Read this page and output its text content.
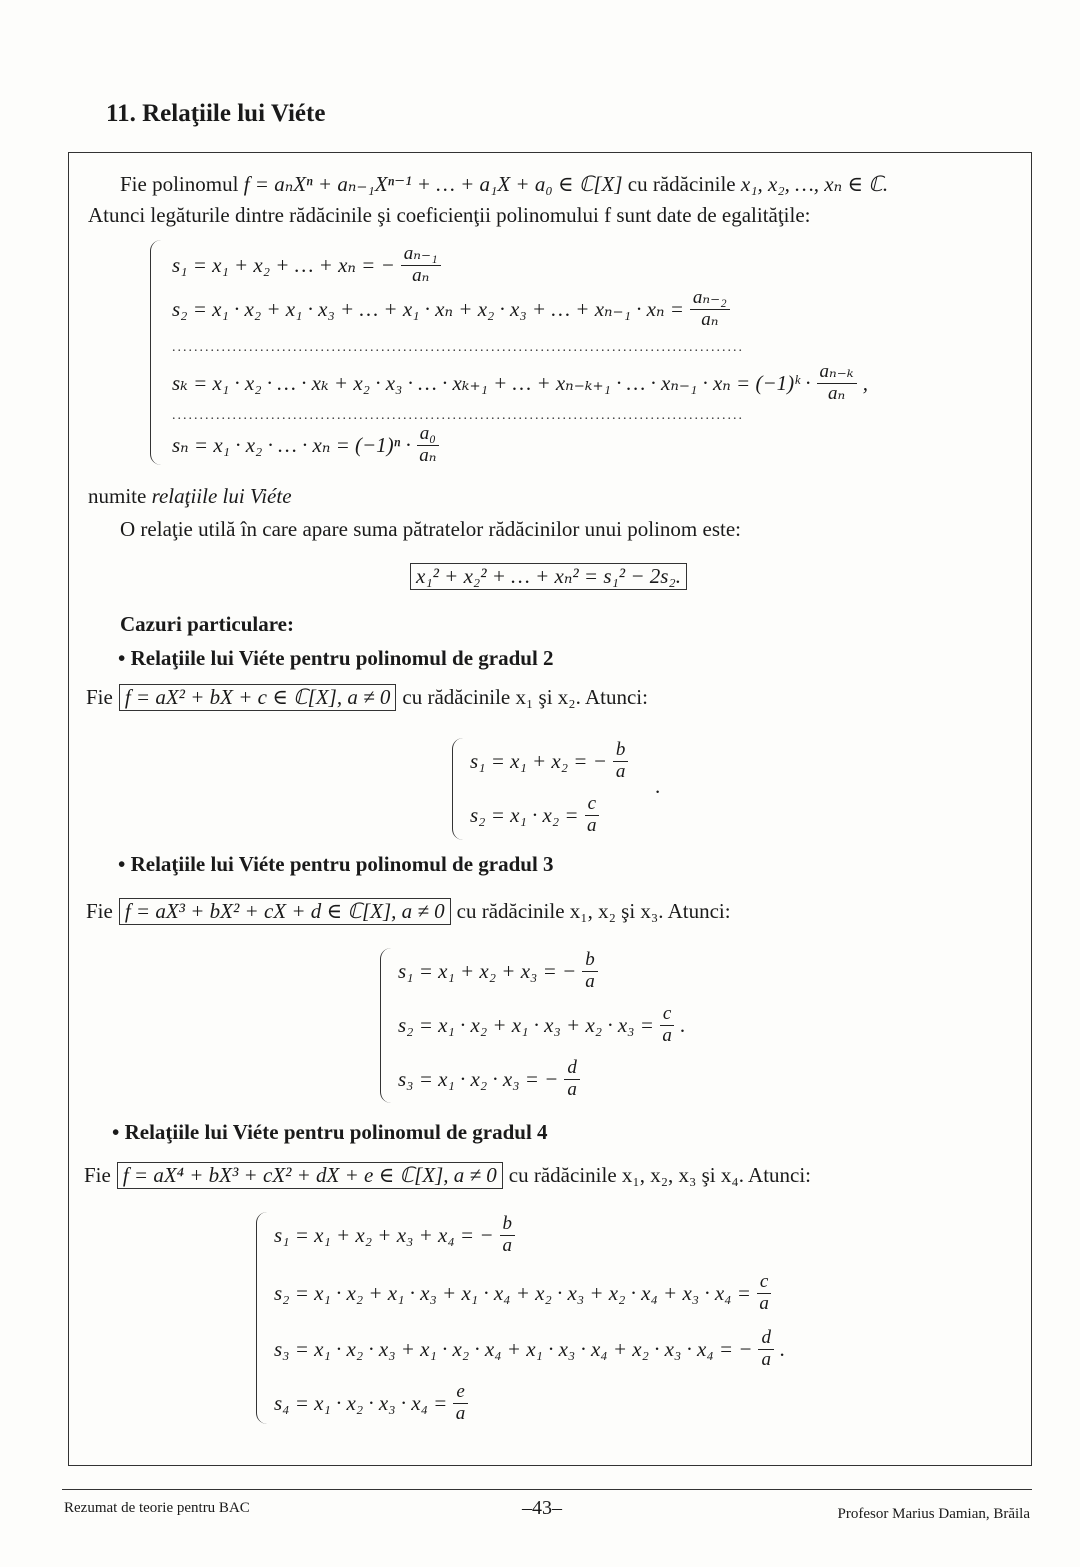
11. Relaţiile lui Viéte
Fie polinomul f = aₙXⁿ + aₙ₋₁Xⁿ⁻¹ + … + a₁X + a₀ ∈ ℂ[X] cu rădăcinile x₁, x₂, …, xₙ ∈ ℂ.
Atunci legăturile dintre rădăcinile şi coeficienţii polinomului f sunt date de egalităţile:
s₁ = x₁ + x₂ + … + xₙ = − $\frac{\text{aₙ₋₁}}{\text{aₙ}}$
s₂ = x₁ · x₂ + x₁ · x₃ + … + x₁ · xₙ + x₂ · x₃ + … + $x_{n-1} \cdot x_n = \frac{\text{aₙ₋₂}}{\text{aₙ}}$
........................................................................................................
sₖ = x₁ · x₂ · … · xₖ + x₂ · x₃ · … · xₖ₊₁ + … + xₙ₋ₖ₊₁ · … · xₙ₋₁ · xₙ = (−1)ᵏ · $\frac{\text{aₙ₋ₖ}}{\text{aₙ}}$ ,
........................................................................................................
sₙ = x₁ · x₂ · … · $x_n = (-1)^n \cdot \frac{\text{a₀}}{\text{aₙ}}$
numite relaţiile lui Viéte
O relaţie utilă în care apare suma pătratelor rădăcinilor unui polinom este:
x₁² + x₂² + … + xₙ² = s₁² − 2s₂.
Cazuri particulare:
• Relaţiile lui Viéte pentru polinomul de gradul 2
Fie f = aX² + bX + c ∈ ℂ[X], a ≠ 0 cu rădăcinile x₁ şi x₂. Atunci:
s₁ = x₁ + x₂ = − $\frac{b}{a}$
$s_2 = x_1 \cdot x_2 = \frac{c}{a}$
.
• Relaţiile lui Viéte pentru polinomul de gradul 3
Fie f = aX³ + bX² + cX + d ∈ ℂ[X], a ≠ 0 cu rădăcinile x₁, x₂ şi x₃. Atunci:
s₁ = x₁ + x₂ + x₃ = − $\frac{b}{a}$
$s_2 = x_1 \cdot x_2 + x_1 \cdot x_3 + x_2 \cdot x_3 = \frac{c}{a}$ .
s₃ = x₁ · x₂ · x₃ = − $\frac{d}{a}$
• Relaţiile lui Viéte pentru polinomul de gradul 4
Fie f = aX⁴ + bX³ + cX² + dX + e ∈ ℂ[X], a ≠ 0 cu rădăcinile x₁, x₂, x₃ şi x₄. Atunci:
s₁ = x₁ + x₂ + x₃ + x₄ = − $\frac{b}{a}$
$s_2 = x_1 \cdot x_2 + x_1 \cdot x_3 + x_1 \cdot x_4 + x_2 \cdot x_3 + x_2 \cdot x_4 + x_3 \cdot x_4 = \frac{c}{a}$
s₃ = x₁ · x₂ · x₃ + x₁ · x₂ · x₄ + x₁ · x₃ · x₄ + x₂ · x₃ · x₄ = − $\frac{d}{a}$ .
$s_4 = x_1 \cdot x_2 \cdot x_3 \cdot x_4 = \frac{e}{a}$
Rezumat de teorie pentru BAC	–43–	Profesor Marius Damian, Brăila
